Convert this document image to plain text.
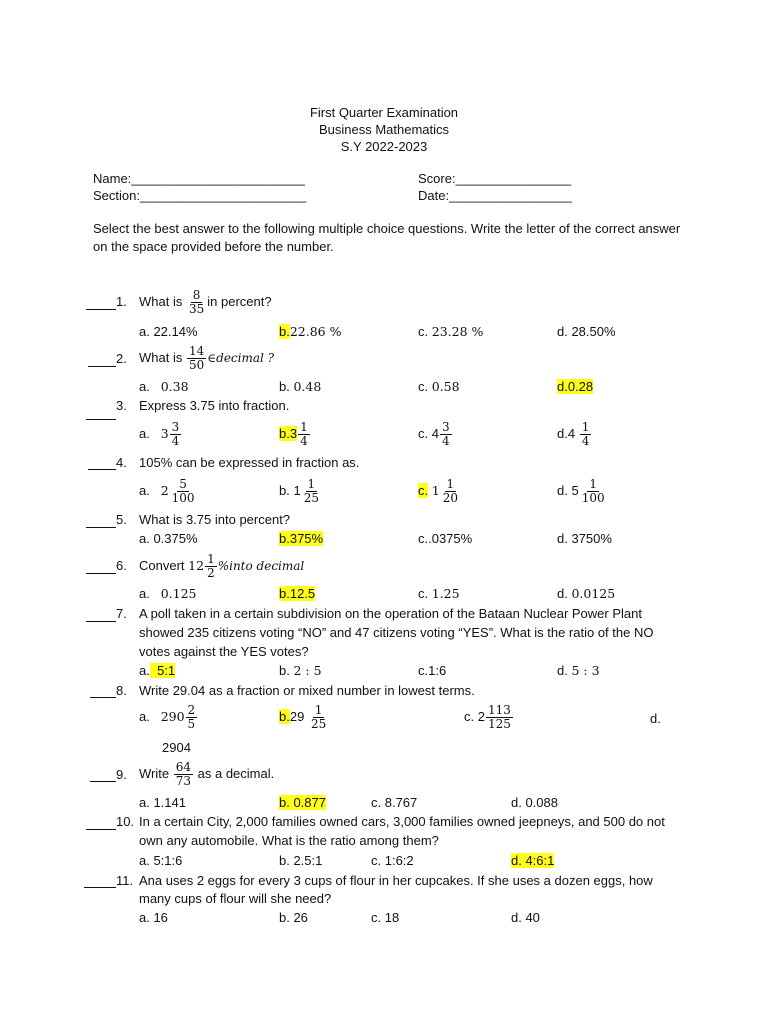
First Quarter Examination
Business Mathematics
S.Y 2022-2023
Name:________________________
Section:_______________________
Score:________________
Date:_________________
Select the best answer to the following multiple choice questions. Write the letter of the correct answer
on the space provided before the number.
1. What is $\frac{8}{35}$ in percent?
a. 22.14%	b.22.86 %	c. 23.28 %	d. 28.50%
2. What is $\frac{14}{50}$ ∈decimal ?
a. 0.38	b. 0.48	c. 0.58	d.0.28
3. Express 3.75 into fraction.
a. $3 \frac{3}{4}$	$b.3 \frac{1}{4}$	c. $4 \frac{3}{4}$	$d.4 \frac{1}{4}$
4. 105% can be expressed in fraction as.
a. $2 \frac{5}{100}$	b. $1 \frac{1}{25}$	c. $1 \frac{1}{20}$	d. $5 \frac{1}{100}$
5. What is 3.75 into percent?
a. 0.375%	b.375%	c..0375%	d. 3750%
6. Convert $12 \frac{1}{2}$ %into decimal
a. 0.125	b.12.5	c. 1.25	d. 0.0125
7. A poll taken in a certain subdivision on the operation of the Bataan Nuclear Power Plant
showed 235 citizens voting “NO” and 47 citizens voting “YES”. What is the ratio of the NO
votes against the YES votes?
a.  5:1	b. 2 : 5	c.1:6	d. 5 : 3
8. Write 29.04 as a fraction or mixed number in lowest terms.
a. $290 \frac{2}{5}$	$b.29 \frac{1}{25}$	c. $2 \frac{113}{125}$	d.
2904
9. Write $\frac{64}{73}$ as a decimal.
a. 1.141	b. 0.877	c. 8.767	d. 0.088
10. In a certain City, 2,000 families owned cars, 3,000 families owned jeepneys, and 500 do not
own any automobile. What is the ratio among them?
a. 5:1:6	b. 2.5:1	c. 1:6:2	d. 4:6:1
11. Ana uses 2 eggs for every 3 cups of flour in her cupcakes. If she uses a dozen eggs, how
many cups of flour will she need?
a. 16	b. 26	c. 18	d. 40
